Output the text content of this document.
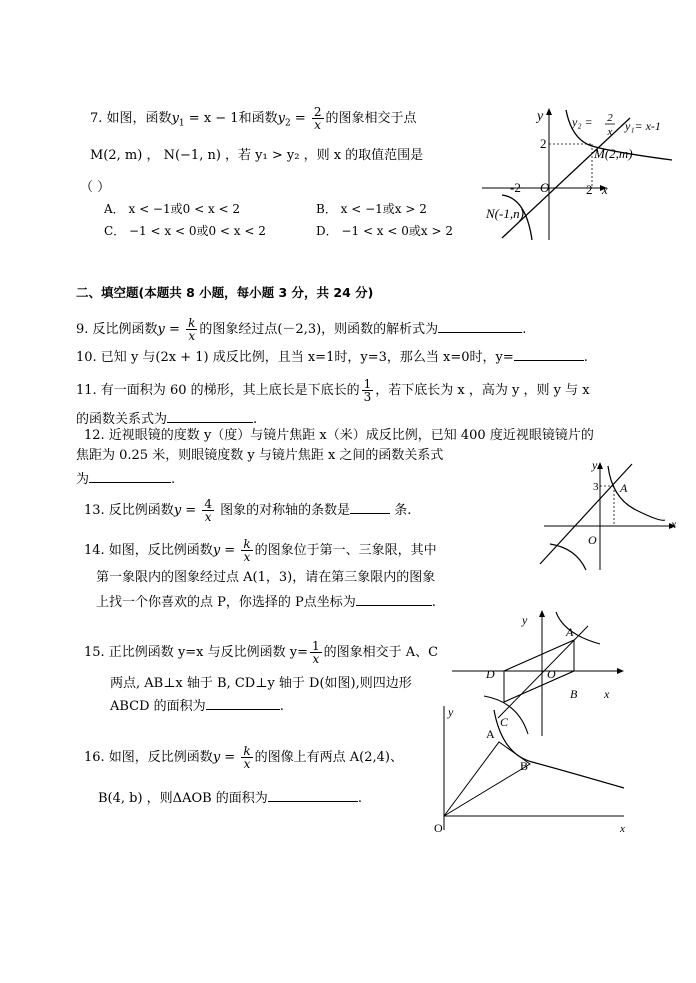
7. 如图，函数$y_1 = x - 1$和函数$y_2 = \frac{2}{x}$ 的图象相交于点
M(2, m) ， N(−1, n) ，若 y₁ > y₂ ，则 x 的取值范围是
（ ）
A． x < −1或0 < x < 2	B． x < −1或x > 2
C． −1 < x < 0或0 < x < 2	D． −1 < x < 0或x > 2
y
x
2
-2 O	2
y₂ = 2
x y₁= x-1
M(2,m)
N(-1,n)
二、填空题(本题共 8 小题，每小题 3 分，共 24 分)
9. 反比例函数$y = \frac{k}{x}$ 的图象经过点(－2,3)，则函数的解析式为	.
10. 已知 y 与(2x + 1) 成反比例，且当 x=1时，y=3，那么当 x=0时，y=	.
11. 有一面积为 60 的梯形，其上底长是下底长的 $\frac{1}{3}$ ，若下底长为 x ，高为 y ，则 y 与 x
的函数关系式为	.
12. 近视眼镜的度数 y（度）与镜片焦距 x（米）成反比例，已知 400 度近视眼镜镜片的
焦距为 0.25 米，则眼镜度数 y 与镜片焦距 x 之间的函数关系式
为	.
13. 反比例函数$y = \frac{4}{x}$ 图象的对称轴的条数是	条.
14. 如图，反比例函数$y = \frac{k}{x}$ 的图象位于第一、三象限，其中
第一象限内的图象经过点 A(1，3)，请在第三象限内的图象
上找一个你喜欢的点 P，你选择的 P点坐标为	.
y
x
3 A
O
15. 正比例函数 y=x 与反比例函数 $y= \frac{1}{x}$ 的图象相交于 A、C
两点, AB⊥x 轴于 B, CD⊥y 轴于 D(如图),则四边形
ABCD 的面积为	.
y
x
A
B
C
D	O
16. 如图，反比例函数$y = \frac{k}{x}$ 的图像上有两点 A(2,4)、
B(4, b) ，则ΔAOB 的面积为	.
y
x
O
A
B
